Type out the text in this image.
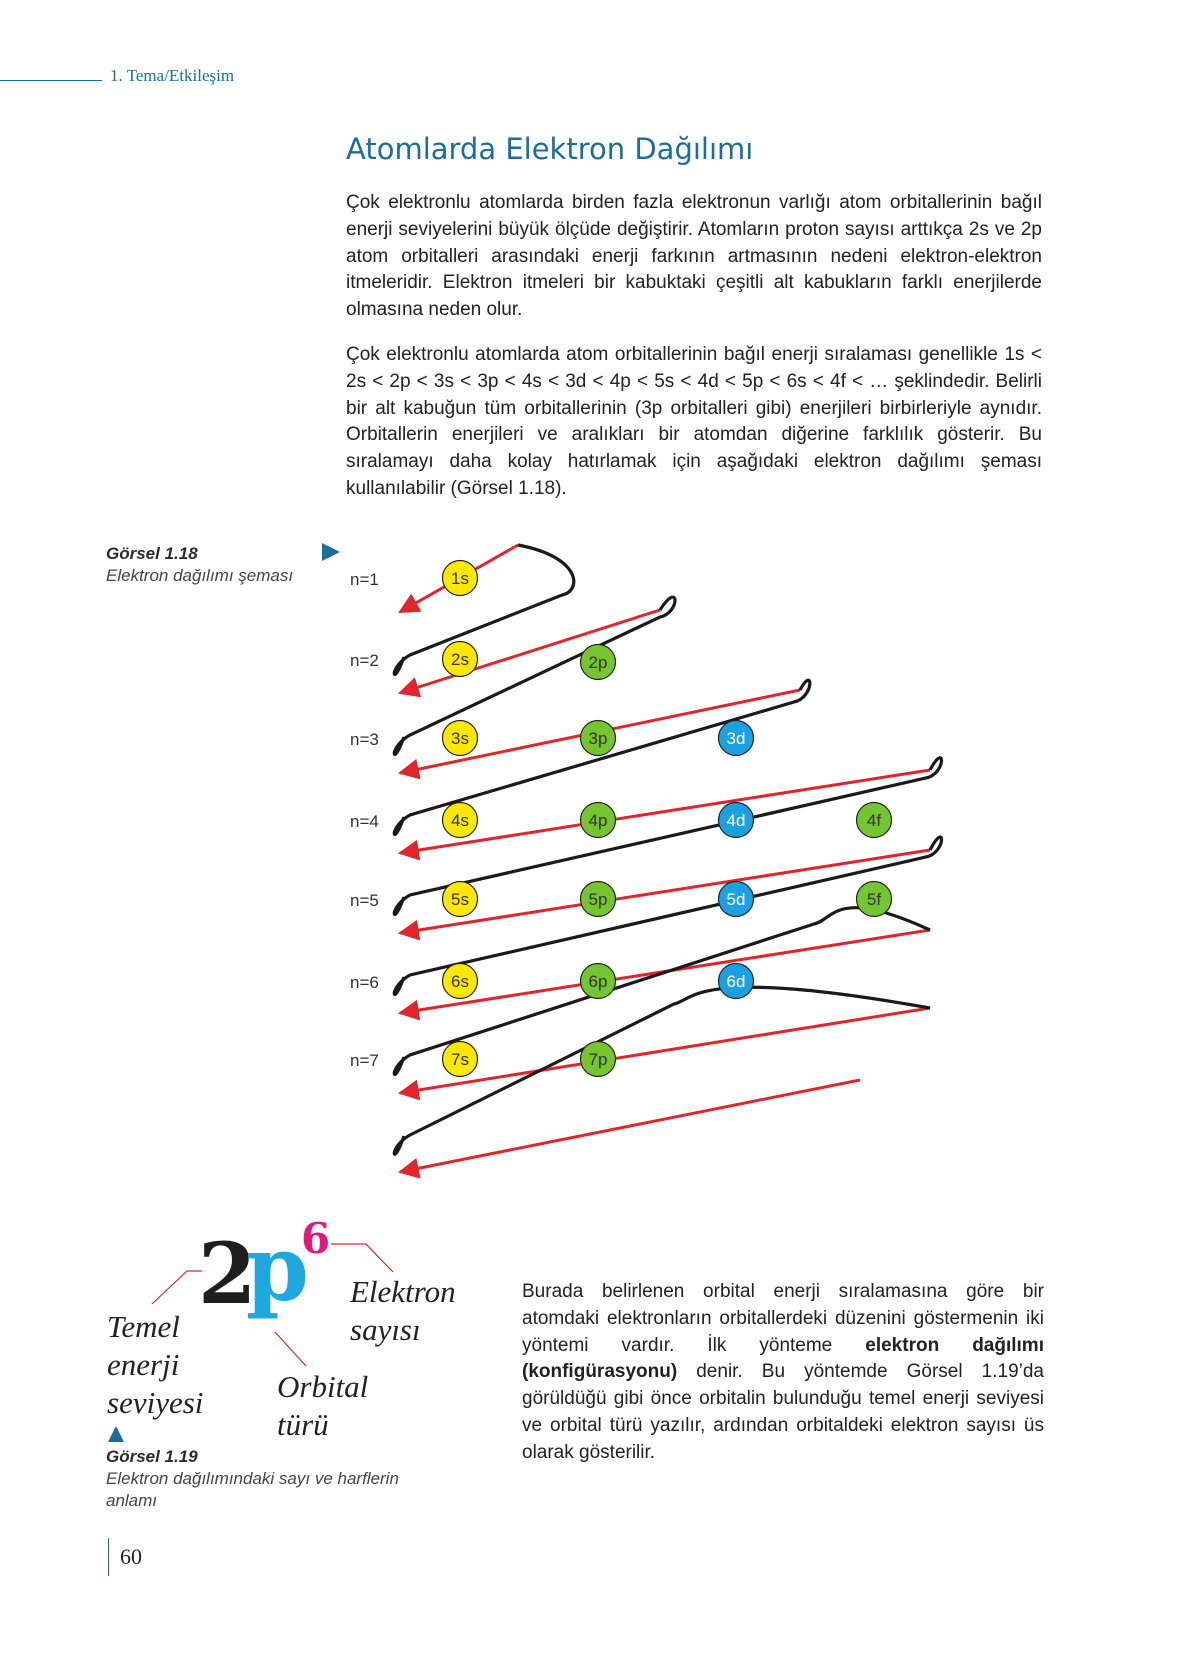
1. Tema/Etkileşim
Atomlarda Elektron Dağılımı

Çok elektronlu atomlarda birden fazla elektronun varlığı atom orbitallerinin bağıl enerji seviyelerini büyük ölçüde değiştirir. Atomların proton sayısı arttıkça 2s ve 2p atom orbitalleri arasındaki enerji farkının artmasının nedeni elektron-elektron itmeleridir. Elektron itmeleri bir kabuktaki çeşitli alt kabukların farklı enerjilerde olmasına neden olur.

Çok elektronlu atomlarda atom orbitallerinin bağıl enerji sıralaması genellikle 1s < 2s < 2p < 3s < 3p < 4s < 3d < 4p < 5s < 4d < 5p < 6s < 4f < … şeklindedir. Belirli bir alt kabuğun tüm orbitallerinin (3p orbitalleri gibi) enerjileri birbirleriyle aynıdır. Orbitallerin enerjileri ve aralıkları bir atomdan diğerine farklılık gösterir. Bu sıralamayı daha kolay hatırlamak için aşağıdaki elektron dağılımı şeması kullanılabilir (Görsel 1.18).

Görsel 1.18
Elektron dağılımı şeması	1s
2s	2p
3s	3p	3d
4s	4p	4d	4f
5s	5p	5d	5f
6s	6p	6d
7s	7p
n=1
n=2
n=3
n=4
n=5
n=6
n=7
Temel enerji seviyesi	Orbital türü
Elektron sayısı
2
p
6
Görsel 1.19
Elektron dağılımındaki sayı ve harflerin anlamı

Burada belirlenen orbital enerji sıralamasına göre bir atomdaki elektronların orbitallerdeki düzenini göstermenin iki yöntemi vardır. İlk yönteme elektron dağılımı (konfigürasyonu) denir. Bu yöntemde Görsel 1.19’da görüldüğü gibi önce orbitalin bulunduğu temel enerji seviyesi ve orbital türü yazılır, ardından orbitaldeki elektron sayısı üs olarak gösterilir.

60
